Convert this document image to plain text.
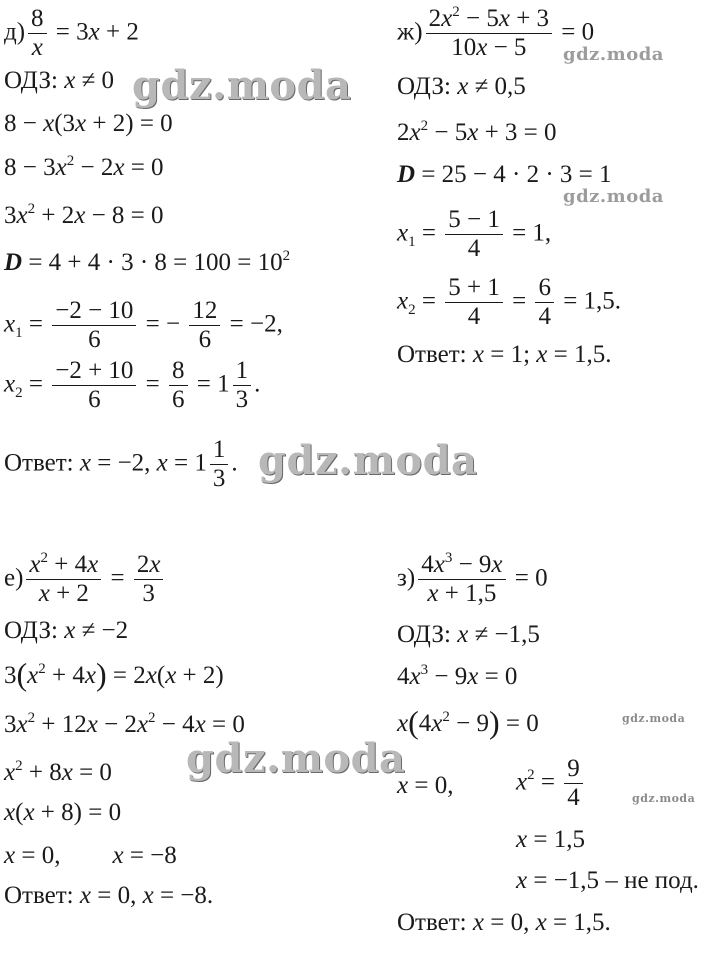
$д) \frac{8}{x} = 3x + 2$
ОДЗ: x ≠ 0
8 − x(3x + 2) = 0
$8 - 3x^2 - 2x = 0$
$3x^2 + 2x - 8 = 0$
$D = 4 + 4 \cdot 3 \cdot 8 = 100 = 10^2$
$x_1 = \frac{-2 - 10}{6}$ = − $\frac{12}{6} = -2$,
$x_2 = \frac{-2 + 10}{6} = \frac{8}{6} = 1 \frac{1}{3}$ .
Ответ: x = −2, $x = 1 \frac{1}{3}$ .
$ж) \frac{2x^2 - 5x + 3}{10x - 5} = 0$
ОДЗ: x ≠ 0,5
$2x^2 - 5x + 3 = 0$
D = 25 − 4 · 2 · 3 = 1
$x_1 = \frac{5 - 1}{4} = 1$,
$x_2 = \frac{5 + 1}{4} = \frac{6}{4} = 1,5$.
Ответ: x = 1; x = 1,5.
$е) \frac{x^2 + 4x}{x + 2} = \frac{2x}{3}$
ОДЗ: x ≠ −2
$3(x^2 + 4x) = 2x(x + 2)$
$3x^2 + 12x - 2x^2 - 4x = 0$
$x^2 + 8x = 0$
x(x + 8) = 0
x = 0, x = −8
Ответ: x = 0, x = −8.
$з) \frac{4x^3 - 9x}{x + 1,5} = 0$
ОДЗ: x ≠ −1,5
$4x^3 - 9x = 0$
$x(4x^2 - 9) = 0$
x = 0,	$x^2 = \frac{9}{4}$
x = 1,5
x = −1,5 – не под.
Ответ: x = 0, x = 1,5.
gdz.moda
gdz.moda
gdz.moda
gdz.moda
gdz.moda
gdz.moda
gdz.moda
